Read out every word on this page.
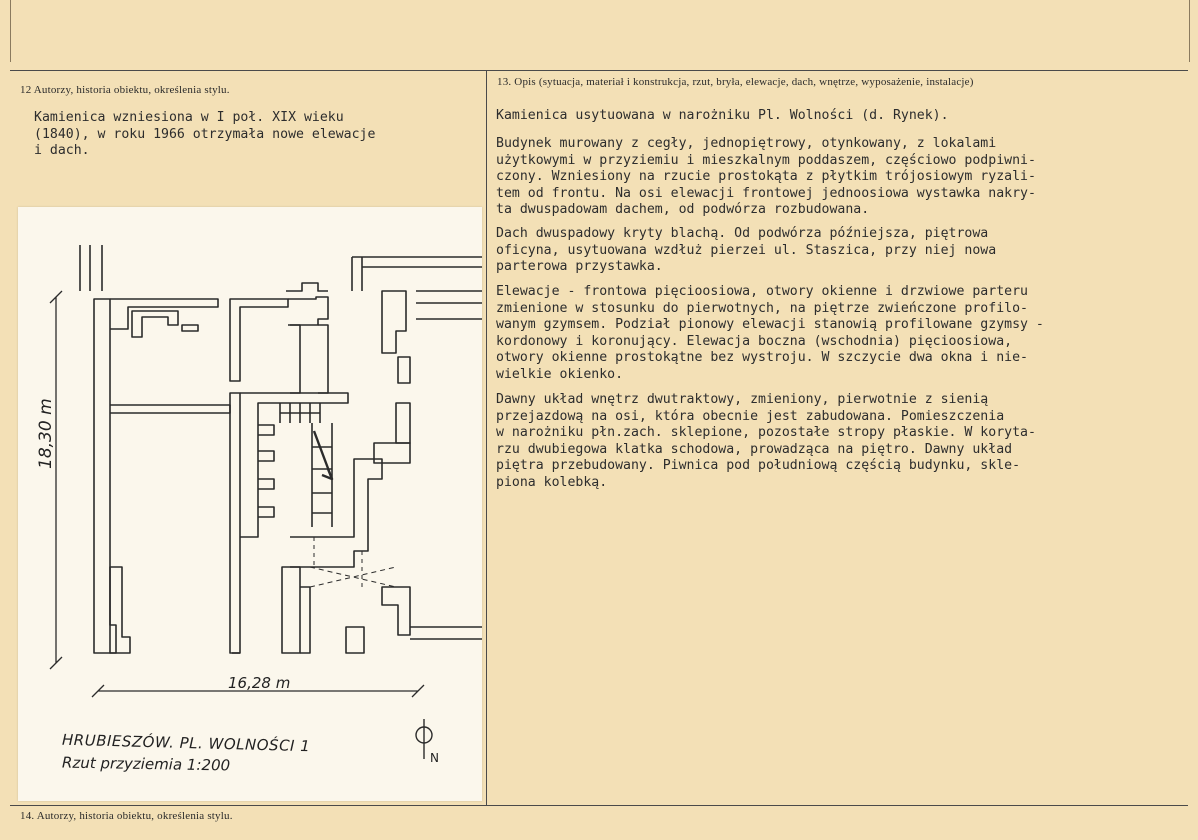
12 Autorzy, historia obiektu, określenia stylu.
Kamienica wzniesiona w I poł. XIX wieku
(1840), w roku 1966 otrzymała nowe elewacje
i dach.
13. Opis (sytuacja, materiał i konstrukcja, rzut, bryła, elewacje, dach, wnętrze, wyposażenie, instalacje)
Kamienica usytuowana w narożniku Pl. Wolności (d. Rynek).
Budynek murowany z cegły, jednopiętrowy, otynkowany, z lokalami
użytkowymi w przyziemiu i mieszkalnym poddaszem, częściowo podpiwni-
czony. Wzniesiony na rzucie prostokąta z płytkim trójosiowym ryzali-
tem od frontu. Na osi elewacji frontowej jednoosiowa wystawka nakry-
ta dwuspadowam dachem, od podwórza rozbudowana.
Dach dwuspadowy kryty blachą. Od podwórza późniejsza, piętrowa
oficyna, usytuowana wzdłuż pierzei ul. Staszica, przy niej nowa
parterowa przystawka.
Elewacje - frontowa pięcioosiowa, otwory okienne i drzwiowe parteru
zmienione w stosunku do pierwotnych, na piętrze zwieńczone profilo-
wanym gzymsem. Podział pionowy elewacji stanowią profilowane gzymsy -
kordonowy i koronujący. Elewacja boczna (wschodnia) pięcioosiowa,
otwory okienne prostokątne bez wystroju. W szczycie dwa okna i nie-
wielkie okienko.
Dawny układ wnętrz dwutraktowy, zmieniony, pierwotnie z sienią
przejazdową na osi, która obecnie jest zabudowana. Pomieszczenia
w narożniku płn.zach. sklepione, pozostałe stropy płaskie. W koryta-
rzu dwubiegowa klatka schodowa, prowadząca na piętro. Dawny układ
piętra przebudowany. Piwnica pod południową częścią budynku, skle-
piona kolebką.
18,30 m
16,28 m
N
HRUBIESZÓW. PL. WOLNOŚCI 1
Rzut przyziemia 1:200
14. Autorzy, historia obiektu, określenia stylu.
